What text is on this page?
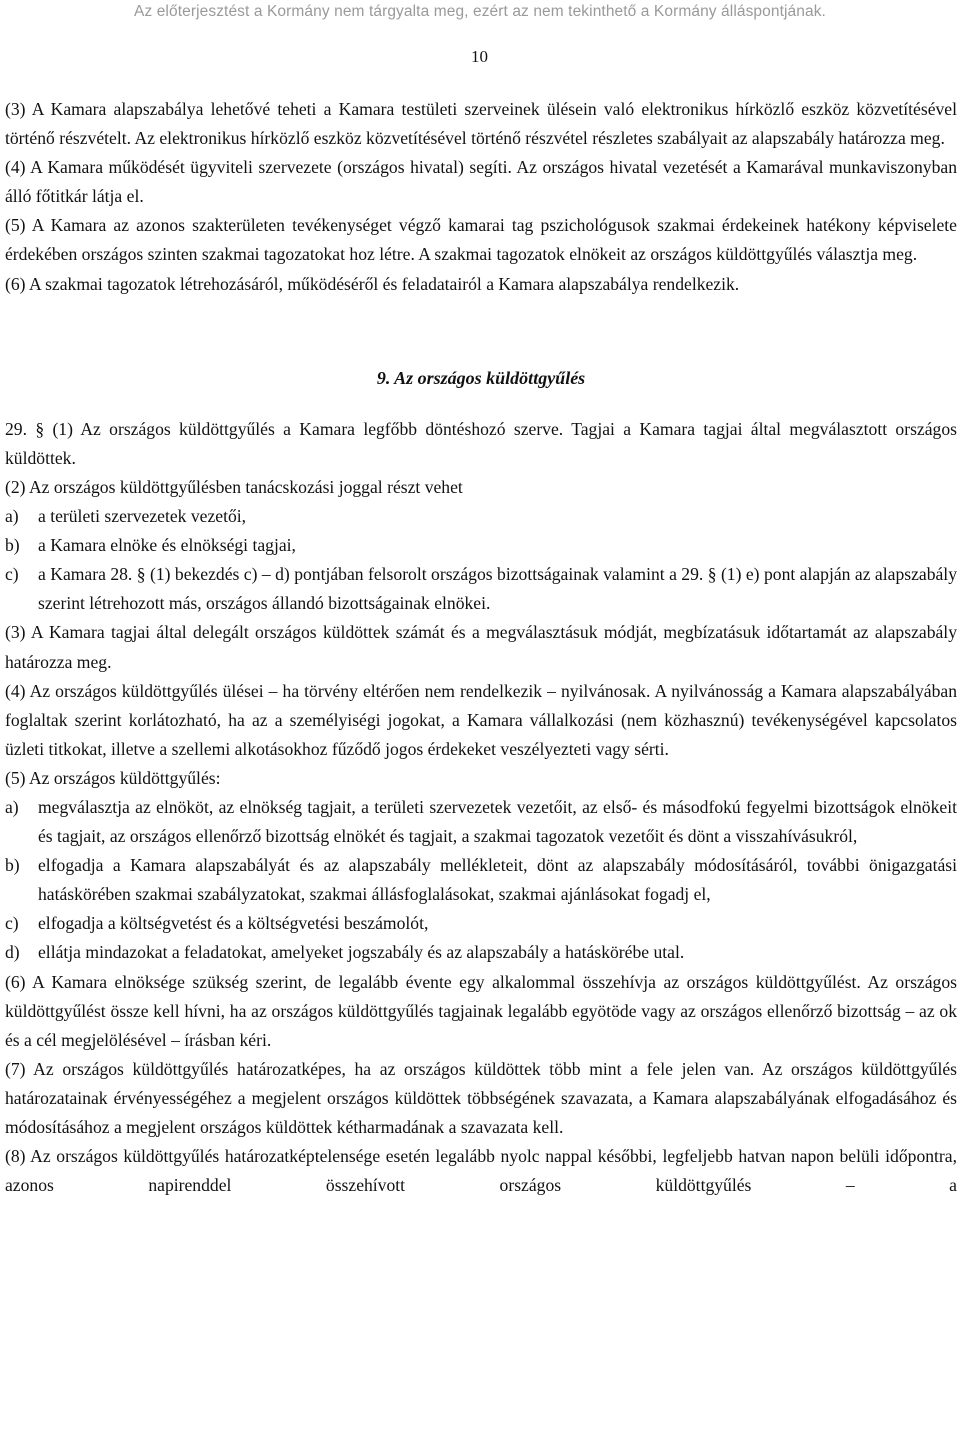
Az előterjesztést a Kormány nem tárgyalta meg, ezért az nem tekinthető a Kormány álláspontjának.
10

(3) A Kamara alapszabálya lehetővé teheti a Kamara testületi szerveinek ülésein való elektronikus hírközlő eszköz közvetítésével történő részvételt. Az elektronikus hírközlő eszköz közvetítésével történő részvétel részletes szabályait az alapszabály határozza meg.

(4) A Kamara működését ügyviteli szervezete (országos hivatal) segíti. Az országos hivatal vezetését a Kamarával munkaviszonyban álló főtitkár látja el.

(5) A Kamara az azonos szakterületen tevékenységet végző kamarai tag pszichológusok szakmai érdekeinek hatékony képviselete érdekében országos szinten szakmai tagozatokat hoz létre. A szakmai tagozatok elnökeit az országos küldöttgyűlés választja meg.

(6) A szakmai tagozatok létrehozásáról, működéséről és feladatairól a Kamara alapszabálya rendelkezik.

9. Az országos küldöttgyűlés

29. § (1) Az országos küldöttgyűlés a Kamara legfőbb döntéshozó szerve. Tagjai a Kamara tagjai által megválasztott országos küldöttek.

(2) Az országos küldöttgyűlésben tanácskozási joggal részt vehet

a)	a területi szervezetek vezetői,
b)	a Kamara elnöke és elnökségi tagjai,
c)	a Kamara 28. § (1) bekezdés c) – d) pontjában felsorolt országos bizottságainak valamint a 29. § (1) e) pont alapján az alapszabály szerint létrehozott más, országos állandó bizottságainak elnökei.

(3) A Kamara tagjai által delegált országos küldöttek számát és a megválasztásuk módját, megbízatásuk időtartamát az alapszabály határozza meg.

(4) Az országos küldöttgyűlés ülései – ha törvény eltérően nem rendelkezik – nyilvánosak. A nyilvánosság a Kamara alapszabályában foglaltak szerint korlátozható, ha az a személyiségi jogokat, a Kamara vállalkozási (nem közhasznú) tevékenységével kapcsolatos üzleti titkokat, illetve a szellemi alkotásokhoz fűződő jogos érdekeket veszélyezteti vagy sérti.

(5) Az országos küldöttgyűlés:

a)	megválasztja az elnököt, az elnökség tagjait, a területi szervezetek vezetőit, az első- és másodfokú fegyelmi bizottságok elnökeit és tagjait, az országos ellenőrző bizottság elnökét és tagjait, a szakmai tagozatok vezetőit és dönt a visszahívásukról,
b)	elfogadja a Kamara alapszabályát és az alapszabály mellékleteit, dönt az alapszabály módosításáról, további önigazgatási hatáskörében szakmai szabályzatokat, szakmai állásfoglalásokat, szakmai ajánlásokat fogadj el,
c)	elfogadja a költségvetést és a költségvetési beszámolót,
d)	ellátja mindazokat a feladatokat, amelyeket jogszabály és az alapszabály a hatáskörébe utal.

(6) A Kamara elnöksége szükség szerint, de legalább évente egy alkalommal összehívja az országos küldöttgyűlést. Az országos küldöttgyűlést össze kell hívni, ha az országos küldöttgyűlés tagjainak legalább egyötöde vagy az országos ellenőrző bizottság – az ok és a cél megjelölésével – írásban kéri.

(7) Az országos küldöttgyűlés határozatképes, ha az országos küldöttek több mint a fele jelen van. Az országos küldöttgyűlés határozatainak érvényességéhez a megjelent országos küldöttek többségének szavazata, a Kamara alapszabályának elfogadásához és módosításához a megjelent országos küldöttek kétharmadának a szavazata kell.

(8) Az országos küldöttgyűlés határozatképtelensége esetén legalább nyolc nappal későbbi, legfeljebb hatvan napon belüli időpontra, azonos napirenddel összehívott országos küldöttgyűlés – a
